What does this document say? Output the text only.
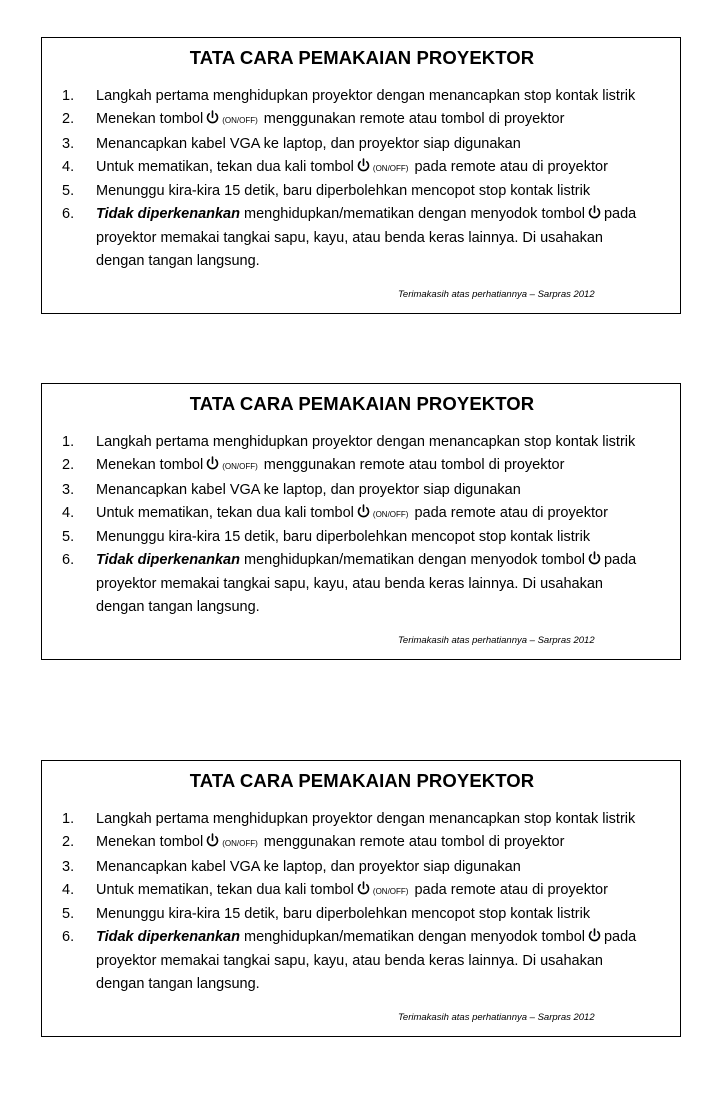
TATA CARA PEMAKAIAN PROYEKTOR
1. Langkah pertama menghidupkan proyektor dengan menancapkan stop kontak listrik
2. Menekan tombol (ON/OFF) menggunakan remote atau tombol di proyektor
3. Menancapkan kabel VGA ke laptop, dan proyektor siap digunakan
4. Untuk mematikan, tekan dua kali tombol (ON/OFF) pada remote atau di proyektor
5. Menunggu kira-kira 15 detik, baru diperbolehkan mencopot stop kontak listrik
6. Tidak diperkenankan menghidupkan/mematikan dengan menyodok tombol pada
proyektor memakai tangkai sapu, kayu, atau benda keras lainnya. Di usahakan
dengan tangan langsung.
Terimakasih atas perhatiannya – Sarpras 2012
TATA CARA PEMAKAIAN PROYEKTOR
1. Langkah pertama menghidupkan proyektor dengan menancapkan stop kontak listrik
2. Menekan tombol (ON/OFF) menggunakan remote atau tombol di proyektor
3. Menancapkan kabel VGA ke laptop, dan proyektor siap digunakan
4. Untuk mematikan, tekan dua kali tombol (ON/OFF) pada remote atau di proyektor
5. Menunggu kira-kira 15 detik, baru diperbolehkan mencopot stop kontak listrik
6. Tidak diperkenankan menghidupkan/mematikan dengan menyodok tombol pada
proyektor memakai tangkai sapu, kayu, atau benda keras lainnya. Di usahakan
dengan tangan langsung.
Terimakasih atas perhatiannya – Sarpras 2012
TATA CARA PEMAKAIAN PROYEKTOR
1. Langkah pertama menghidupkan proyektor dengan menancapkan stop kontak listrik
2. Menekan tombol (ON/OFF) menggunakan remote atau tombol di proyektor
3. Menancapkan kabel VGA ke laptop, dan proyektor siap digunakan
4. Untuk mematikan, tekan dua kali tombol (ON/OFF) pada remote atau di proyektor
5. Menunggu kira-kira 15 detik, baru diperbolehkan mencopot stop kontak listrik
6. Tidak diperkenankan menghidupkan/mematikan dengan menyodok tombol pada
proyektor memakai tangkai sapu, kayu, atau benda keras lainnya. Di usahakan
dengan tangan langsung.
Terimakasih atas perhatiannya – Sarpras 2012
